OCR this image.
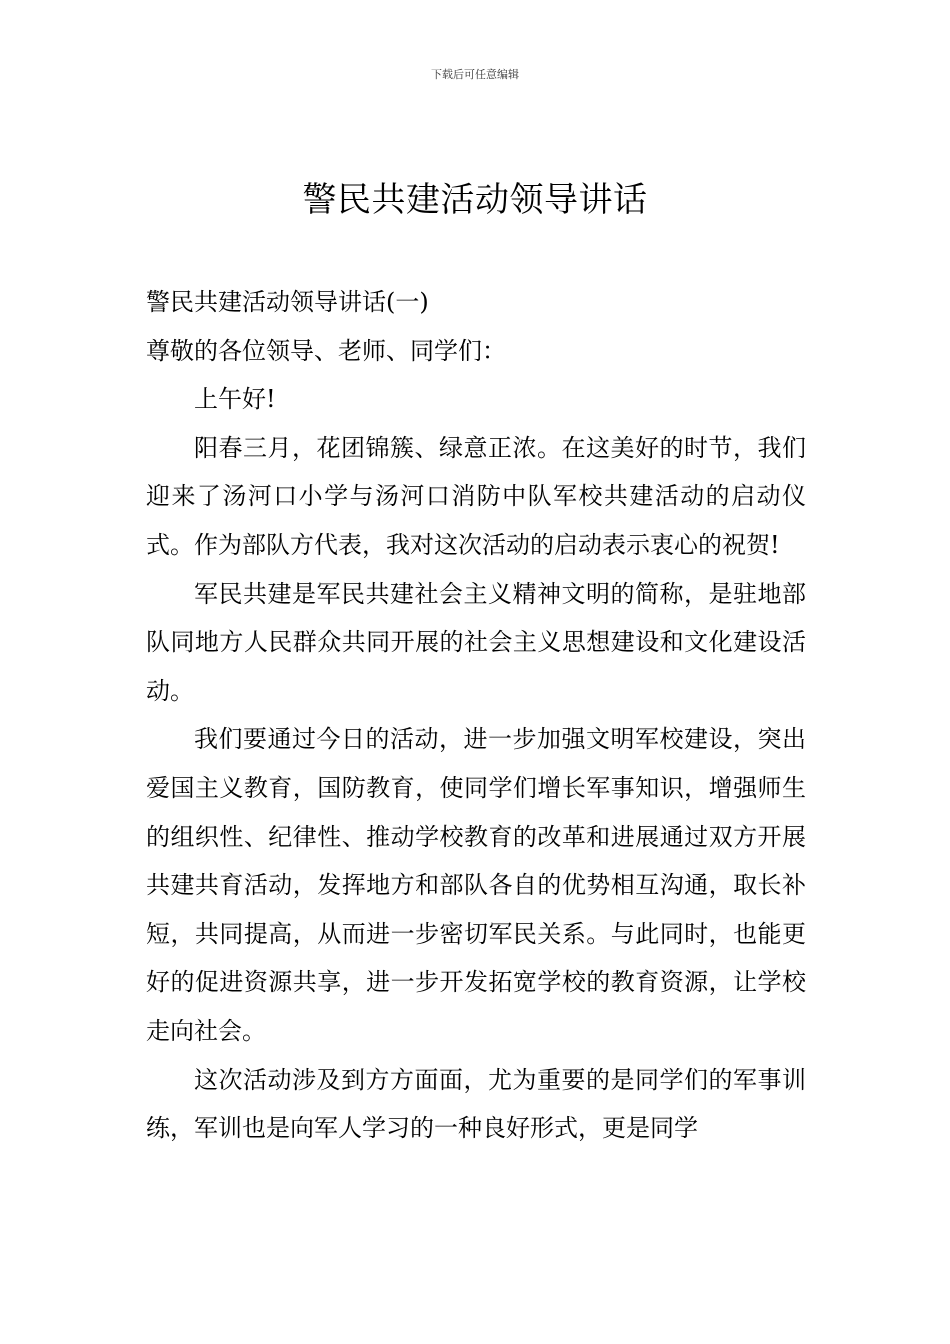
下载后可任意编辑
警民共建活动领导讲话

警民共建活动领导讲话(一)

尊敬的各位领导、老师、同学们：

上午好!

阳春三月，花团锦簇、绿意正浓。在这美好的时节，我们迎来了汤河口小学与汤河口消防中队军校共建活动的启动仪式。作为部队方代表，我对这次活动的启动表示衷心的祝贺!

军民共建是军民共建社会主义精神文明的简称，是驻地部队同地方人民群众共同开展的社会主义思想建设和文化建设活动。

我们要通过今日的活动，进一步加强文明军校建设，突出爱国主义教育，国防教育，使同学们增长军事知识，增强师生的组织性、纪律性、推动学校教育的改革和进展通过双方开展共建共育活动，发挥地方和部队各自的优势相互沟通，取长补短，共同提高，从而进一步密切军民关系。与此同时，也能更好的促进资源共享，进一步开发拓宽学校的教育资源，让学校走向社会。

这次活动涉及到方方面面，尤为重要的是同学们的军事训练，军训也是向军人学习的一种良好形式，更是同学
